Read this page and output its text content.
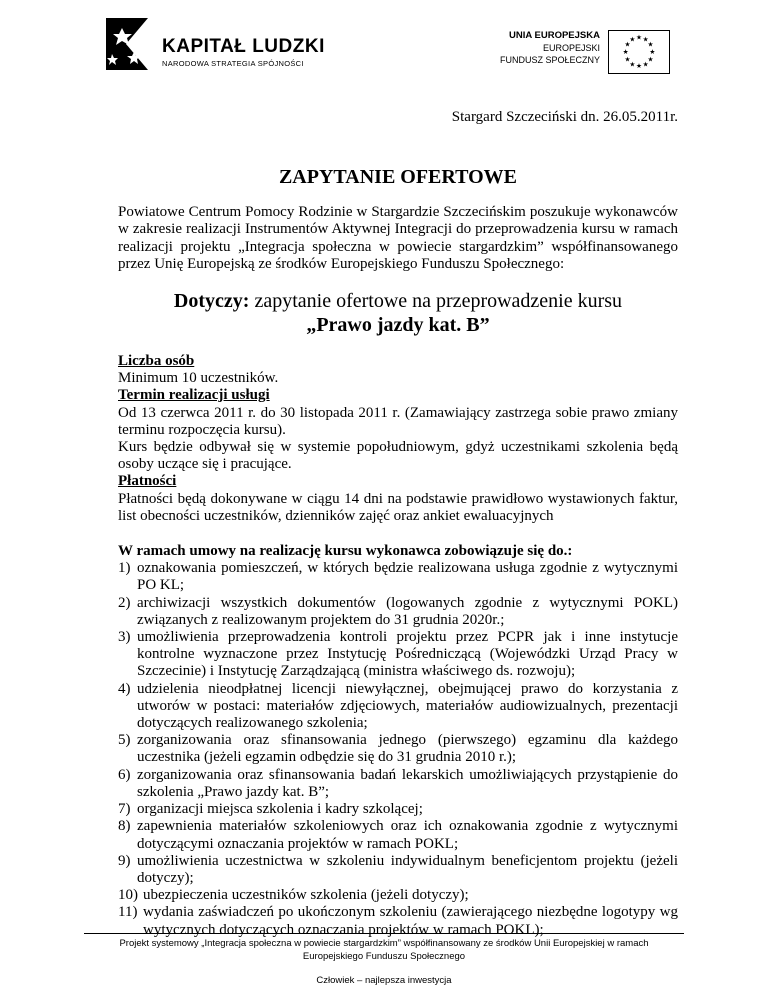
KAPITAŁ LUDZKI
NARODOWA STRATEGIA SPÓJNOŚCI
UNIA EUROPEJSKA
EUROPEJSKI
FUNDUSZ SPOŁECZNY
★ ★
★
★
★
★
★
★
★
★
★
★
Stargard Szczeciński dn. 26.05.2011r.
ZAPYTANIE OFERTOWE

Powiatowe Centrum Pomocy Rodzinie w Stargardzie Szczecińskim poszukuje wykonawców w zakresie realizacji Instrumentów Aktywnej Integracji do przeprowadzenia kursu w ramach realizacji projektu „Integracja społeczna w powiecie stargardzkim” współfinansowanego przez Unię Europejską ze środków Europejskiego Funduszu Społecznego:

Dotyczy: zapytanie ofertowe na przeprowadzenie kursu
„Prawo jazdy kat. B”
Liczba osób
Minimum 10 uczestników.
Termin realizacji usługi

Od 13 czerwca 2011 r. do 30 listopada 2011 r. (Zamawiający zastrzega sobie prawo zmiany terminu rozpoczęcia kursu).

Kurs będzie odbywał się w systemie popołudniowym, gdyż uczestnikami szkolenia będą osoby uczące się i pracujące.

Płatności

Płatności będą dokonywane w ciągu 14 dni na podstawie prawidłowo wystawionych faktur, list obecności uczestników, dzienników zajęć oraz ankiet ewaluacyjnych

W ramach umowy na realizację kursu wykonawca zobowiązuje się do.:
1) oznakowania pomieszczeń, w których będzie realizowana usługa zgodnie z wytycznymi PO KL;
2) archiwizacji wszystkich dokumentów (logowanych zgodnie z wytycznymi POKL) związanych z realizowanym projektem do 31 grudnia 2020r.;
3) umożliwienia przeprowadzenia kontroli projektu przez PCPR jak i inne instytucje kontrolne wyznaczone przez Instytucję Pośredniczącą (Wojewódzki Urząd Pracy w Szczecinie) i Instytucję Zarządzającą (ministra właściwego ds. rozwoju);
4) udzielenia nieodpłatnej licencji niewyłącznej, obejmującej prawo do korzystania z utworów w postaci: materiałów zdjęciowych, materiałów audiowizualnych, prezentacji dotyczących realizowanego szkolenia;
5) zorganizowania oraz sfinansowania jednego (pierwszego) egzaminu dla każdego uczestnika (jeżeli egzamin odbędzie się do 31 grudnia 2010 r.);
6) zorganizowania oraz sfinansowania badań lekarskich umożliwiających przystąpienie do szkolenia „Prawo jazdy kat. B”;
7) organizacji miejsca szkolenia i kadry szkolącej;
8) zapewnienia materiałów szkoleniowych oraz ich oznakowania zgodnie z wytycznymi dotyczącymi oznaczania projektów w ramach POKL;
9) umożliwienia uczestnictwa w szkoleniu indywidualnym beneficjentom projektu (jeżeli dotyczy);
10) ubezpieczenia uczestników szkolenia (jeżeli dotyczy);
11) wydania zaświadczeń po ukończonym szkoleniu (zawierającego niezbędne logotypy wg wytycznych dotyczących oznaczania projektów w ramach POKL);
Projekt systemowy „Integracja społeczna w powiecie stargardzkim” współfinansowany ze środków Unii Europejskiej w ramach
Europejskiego Funduszu Społecznego
Człowiek – najlepsza inwestycja
